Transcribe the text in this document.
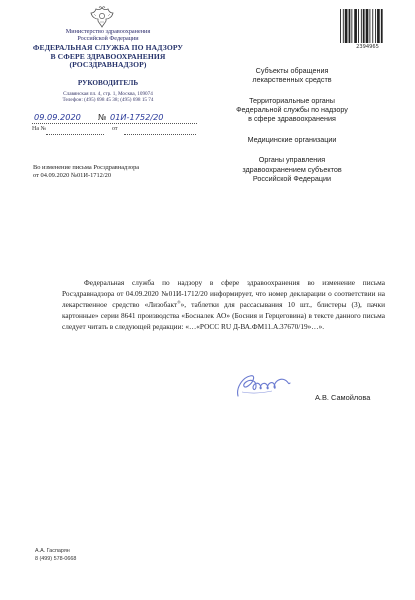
Министерство здравоохранения
Российской Федерации
ФЕДЕРАЛЬНАЯ СЛУЖБА ПО НАДЗОРУ
В СФЕРЕ ЗДРАВООХРАНЕНИЯ
(РОСЗДРАВНАДЗОР)
РУКОВОДИТЕЛЬ
Славянская пл. 4, стр. 1, Москва, 109074
Телефон: (495) 698 45 38; (495) 698 15 74
09.09.2020 № 01И-1752/20
На №	от
Во изменение письма Росздравнадзора
от 04.09.2020 №01И-1712/20
2394965
Субъекты обращения
лекарственных средств
Территориальные органы
Федеральной службы по надзору
в сфере здравоохранения
Медицинские организации
Органы управления
здравоохранением субъектов
Российской Федерации
Федеральная служба по надзору в сфере здравоохранения во изменение письма Росздравнадзора от 04.09.2020 №01И-1712/20 информирует, что номер декларации о соответствии на лекарственное средство «Лизобакт®», таблетки для рассасывания 10 шт., блистеры (3), пачки картонные» серии 8641 производства «Босналек АО» (Босния и Герцеговина) в тексте данного письма следует читать в следующей редакции: «…«РОСС RU Д-ВА.ФМ11.А.37670/19»…».
А.В. Самойлова
А.А. Гаспарян
8 (499) 578-0668
